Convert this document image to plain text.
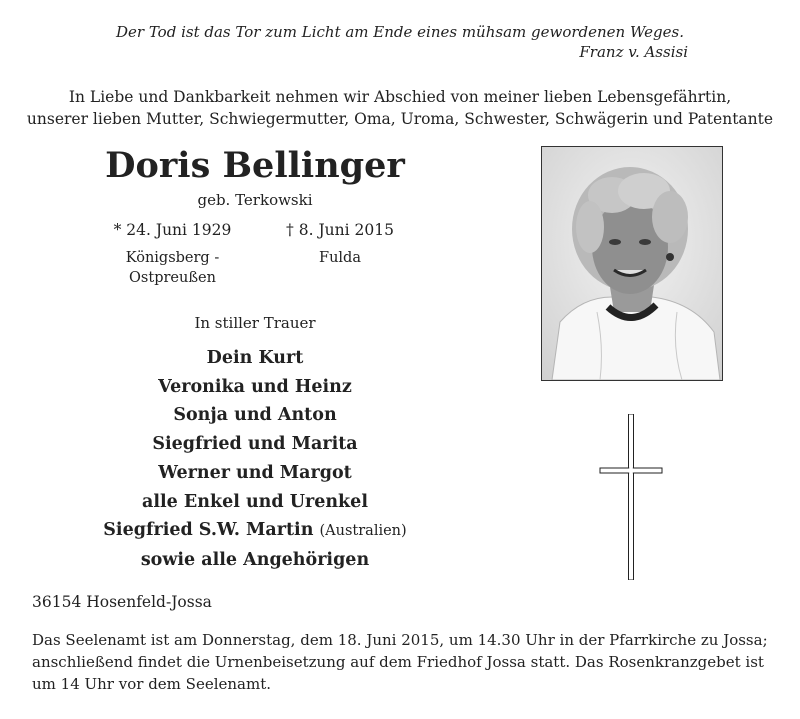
Der Tod ist das Tor zum Licht am Ende eines mühsam gewordenen Weges.
Franz v. Assisi
In Liebe und Dankbarkeit nehmen wir Abschied von meiner lieben Lebensgefährtin,
unserer lieben Mutter, Schwiegermutter, Oma, Uroma, Schwester, Schwägerin und Patentante
Doris Bellinger
geb. Terkowski
* 24. Juni 1929	† 8. Juni 2015
Königsberg -
Ostpreußen
Fulda
In stiller Trauer
Dein Kurt
Veronika und Heinz
Sonja und Anton
Siegfried und Marita
Werner und Margot
alle Enkel und Urenkel
Siegfried S.W. Martin (Australien)
sowie alle Angehörigen
36154 Hosenfeld-Jossa
Das Seelenamt ist am Donnerstag, dem 18. Juni 2015, um 14.30 Uhr in der Pfarrkirche zu Jossa;
anschließend findet die Urnenbeisetzung auf dem Friedhof Jossa statt. Das Rosenkranzgebet ist
um 14 Uhr vor dem Seelenamt.
